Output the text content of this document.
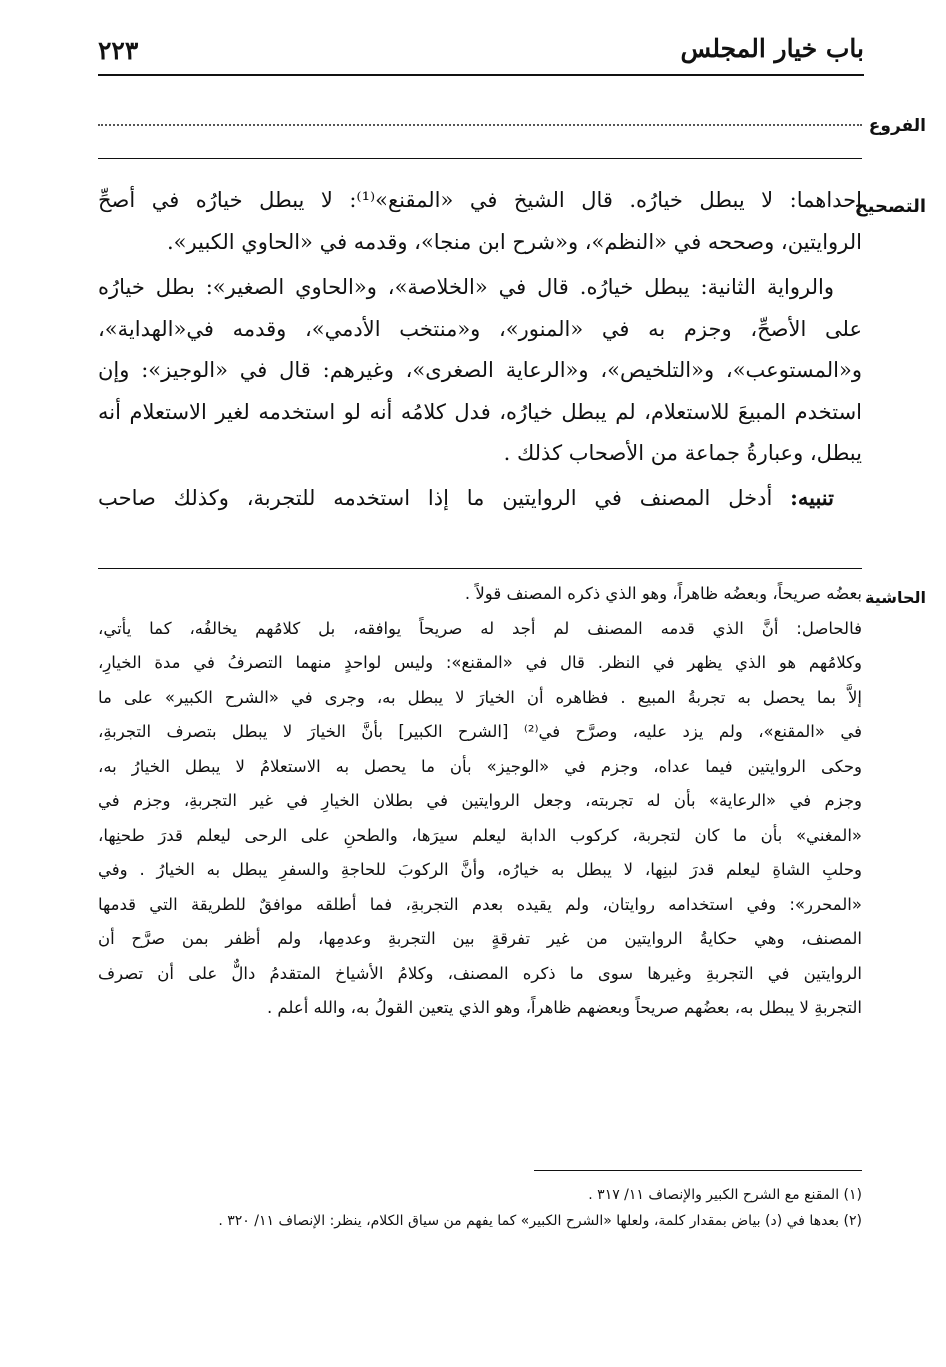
باب خيار المجلس
٢٢٣
الفروع
التصحيح
إحداهما: لا يبطل خيارُه. قال الشيخ في «المقنع»⁽¹⁾: لا يبطل خيارُه في أصحِّ
الروايتين، وصححه في «النظم»، و«شرح ابن منجا»، وقدمه في «الحاوي الكبير».
والرواية الثانية: يبطل خيارُه. قال في «الخلاصة»، و«الحاوي الصغير»: بطل خيارُه
على الأصحِّ، وجزم به في «المنور»، و«منتخب الأدمي»، وقدمه في«الهداية»،
و«المستوعب»، و«التلخيص»، و«الرعاية الصغرى»، وغيرهم: قال في «الوجيز»: وإن
استخدم المبيعَ للاستعلام، لم يبطل خيارُه، فدل كلامُه أنه لو استخدمه لغير الاستعلام أنه
يبطل، وعبارةُ جماعة من الأصحاب كذلك .
تنبيه: أدخل المصنف في الروايتين ما إذا استخدمه للتجربة، وكذلك صاحب
الحاشية
بعضُه صريحاً، وبعضُه ظاهراً، وهو الذي ذكره المصنف قولاً .
فالحاصل: أنَّ الذي قدمه المصنف لم أجد له صريحاً يوافقه، بل كلامُهم يخالفُه، كما يأتي،
وكلامُهم هو الذي يظهر في النظر. قال في «المقنع»: وليس لواحدٍ منهما التصرفُ في مدة الخيارِ،
إلاَّ بما يحصل به تجربةُ المبيع . فظاهره أن الخيارَ لا يبطل به، وجرى في «الشرح الكبير» على ما
في «المقنع»، ولم يزد عليه، وصرَّح في⁽²⁾ [الشرح الكبير] بأنَّ الخيارَ لا يبطل بتصرف التجربةِ،
وحكى الروايتين فيما عداه، وجزم في «الوجيز» بأن ما يحصل به الاستعلامُ لا يبطل الخيارُ به،
وجزم في «الرعاية» بأن له تجربته، وجعل الروايتين في بطلان الخيارِ في غير التجربةِ، وجزم في
«المغني» بأن ما كان لتجربة، كركوب الدابة ليعلم سيرَها، والطحنِ على الرحى ليعلم قدرَ طحنِها،
وحلبِ الشاةِ ليعلم قدرَ لبنِها، لا يبطل به خيارُه، وأنَّ الركوبَ للحاجةِ والسفرِ يبطل به الخيارُ . وفي
«المحرر»: وفي استخدامه روايتان، ولم يقيده بعدم التجربةِ، فما أطلقه موافقٌ للطريقة التي قدمها
المصنف، وهي حكايةُ الروايتين من غير تفرقةٍ بين التجربةِ وعدمِها، ولم أظفر بمن صرَّح أن
الروايتين في التجربةِ وغيرها سوى ما ذكره المصنف، وكلامُ الأشياخ المتقدمُ دالٌّ على أن تصرف
التجربةِ لا يبطل به، بعضُهم صريحاً وبعضهم ظاهراً، وهو الذي يتعين القولُ به، والله أعلم .
(١) المقنع مع الشرح الكبير والإنصاف ١١/ ٣١٧ .
(٢) بعدها في (د) بياض بمقدار كلمة، ولعلها «الشرح الكبير» كما يفهم من سياق الكلام، ينظر: الإنصاف ١١/ ٣٢٠ .
